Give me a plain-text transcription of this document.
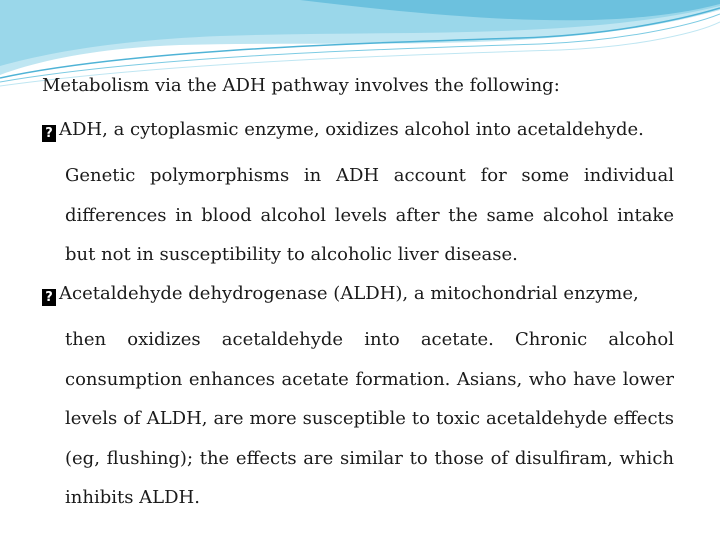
Metabolism via the ADH pathway involves the following:

? ADH, a cytoplasmic enzyme, oxidizes alcohol into acetaldehyde.
Genetic polymorphisms in ADH account for some individual differences in blood alcohol levels after the same alcohol intake but not in susceptibility to alcoholic liver disease.
? Acetaldehyde dehydrogenase (ALDH), a mitochondrial enzyme,
then oxidizes acetaldehyde into acetate. Chronic alcohol consumption enhances acetate formation. Asians, who have lower levels of ALDH, are more susceptible to toxic acetaldehyde effects (eg, flushing); the effects are similar to those of disulfiram, which inhibits ALDH.
